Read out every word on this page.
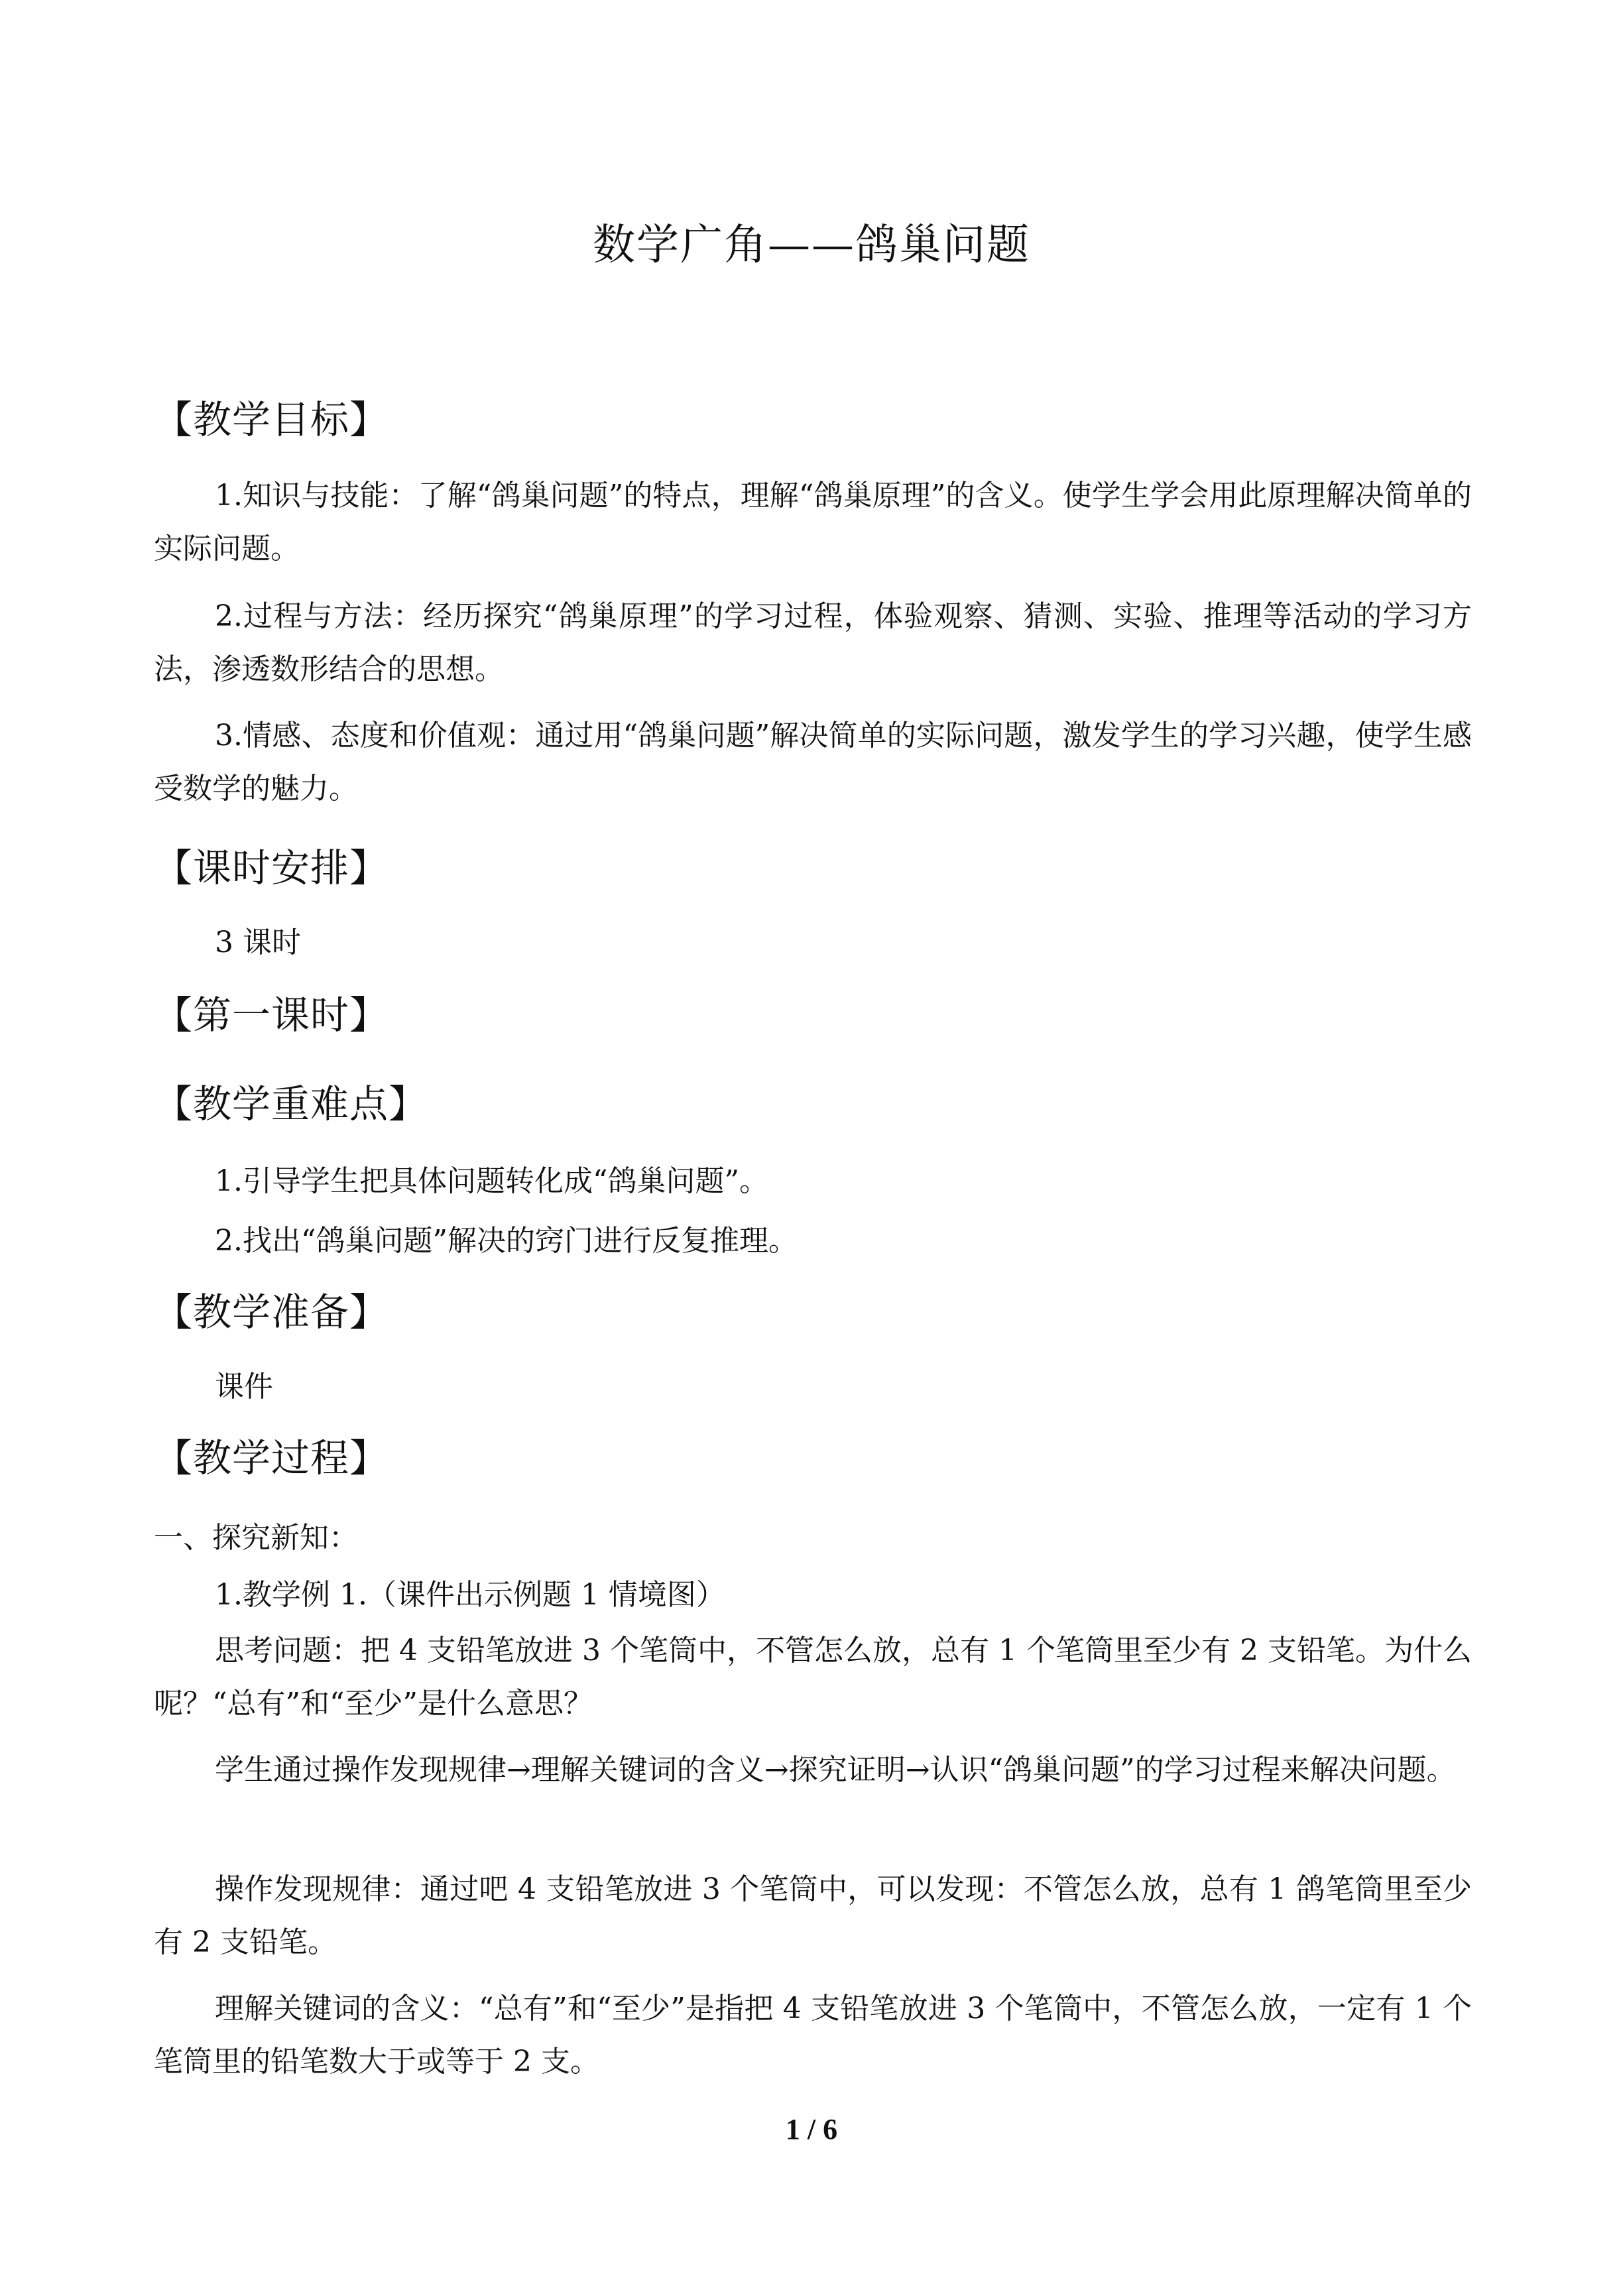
数学广角——鸽巢问题
【教学目标】
1.知识与技能：了解“鸽巢问题”的特点，理解“鸽巢原理”的含义。使学生学会用此原理解决简单的实际问题。
2.过程与方法：经历探究“鸽巢原理”的学习过程，体验观察、猜测、实验、推理等活动的学习方法，渗透数形结合的思想。
3.情感、态度和价值观：通过用“鸽巢问题”解决简单的实际问题，激发学生的学习兴趣，使学生感受数学的魅力。
【课时安排】
3 课时
【第一课时】
【教学重难点】
1.引导学生把具体问题转化成“鸽巢问题”。
2.找出“鸽巢问题”解决的窍门进行反复推理。
【教学准备】
课件
【教学过程】
一、探究新知：
1.教学例 1.（课件出示例题 1 情境图）
思考问题：把 4 支铅笔放进 3 个笔筒中，不管怎么放，总有 1 个笔筒里至少有 2 支铅笔。为什么呢？“总有”和“至少”是什么意思？
学生通过操作发现规律→理解关键词的含义→探究证明→认识“鸽巢问题”的学习过程来解决问题。
操作发现规律：通过吧 4 支铅笔放进 3 个笔筒中，可以发现：不管怎么放，总有 1 鸽笔筒里至少有 2 支铅笔。
理解关键词的含义：“总有”和“至少”是指把 4 支铅笔放进 3 个笔筒中，不管怎么放，一定有 1 个笔筒里的铅笔数大于或等于 2 支。
1 / 6
